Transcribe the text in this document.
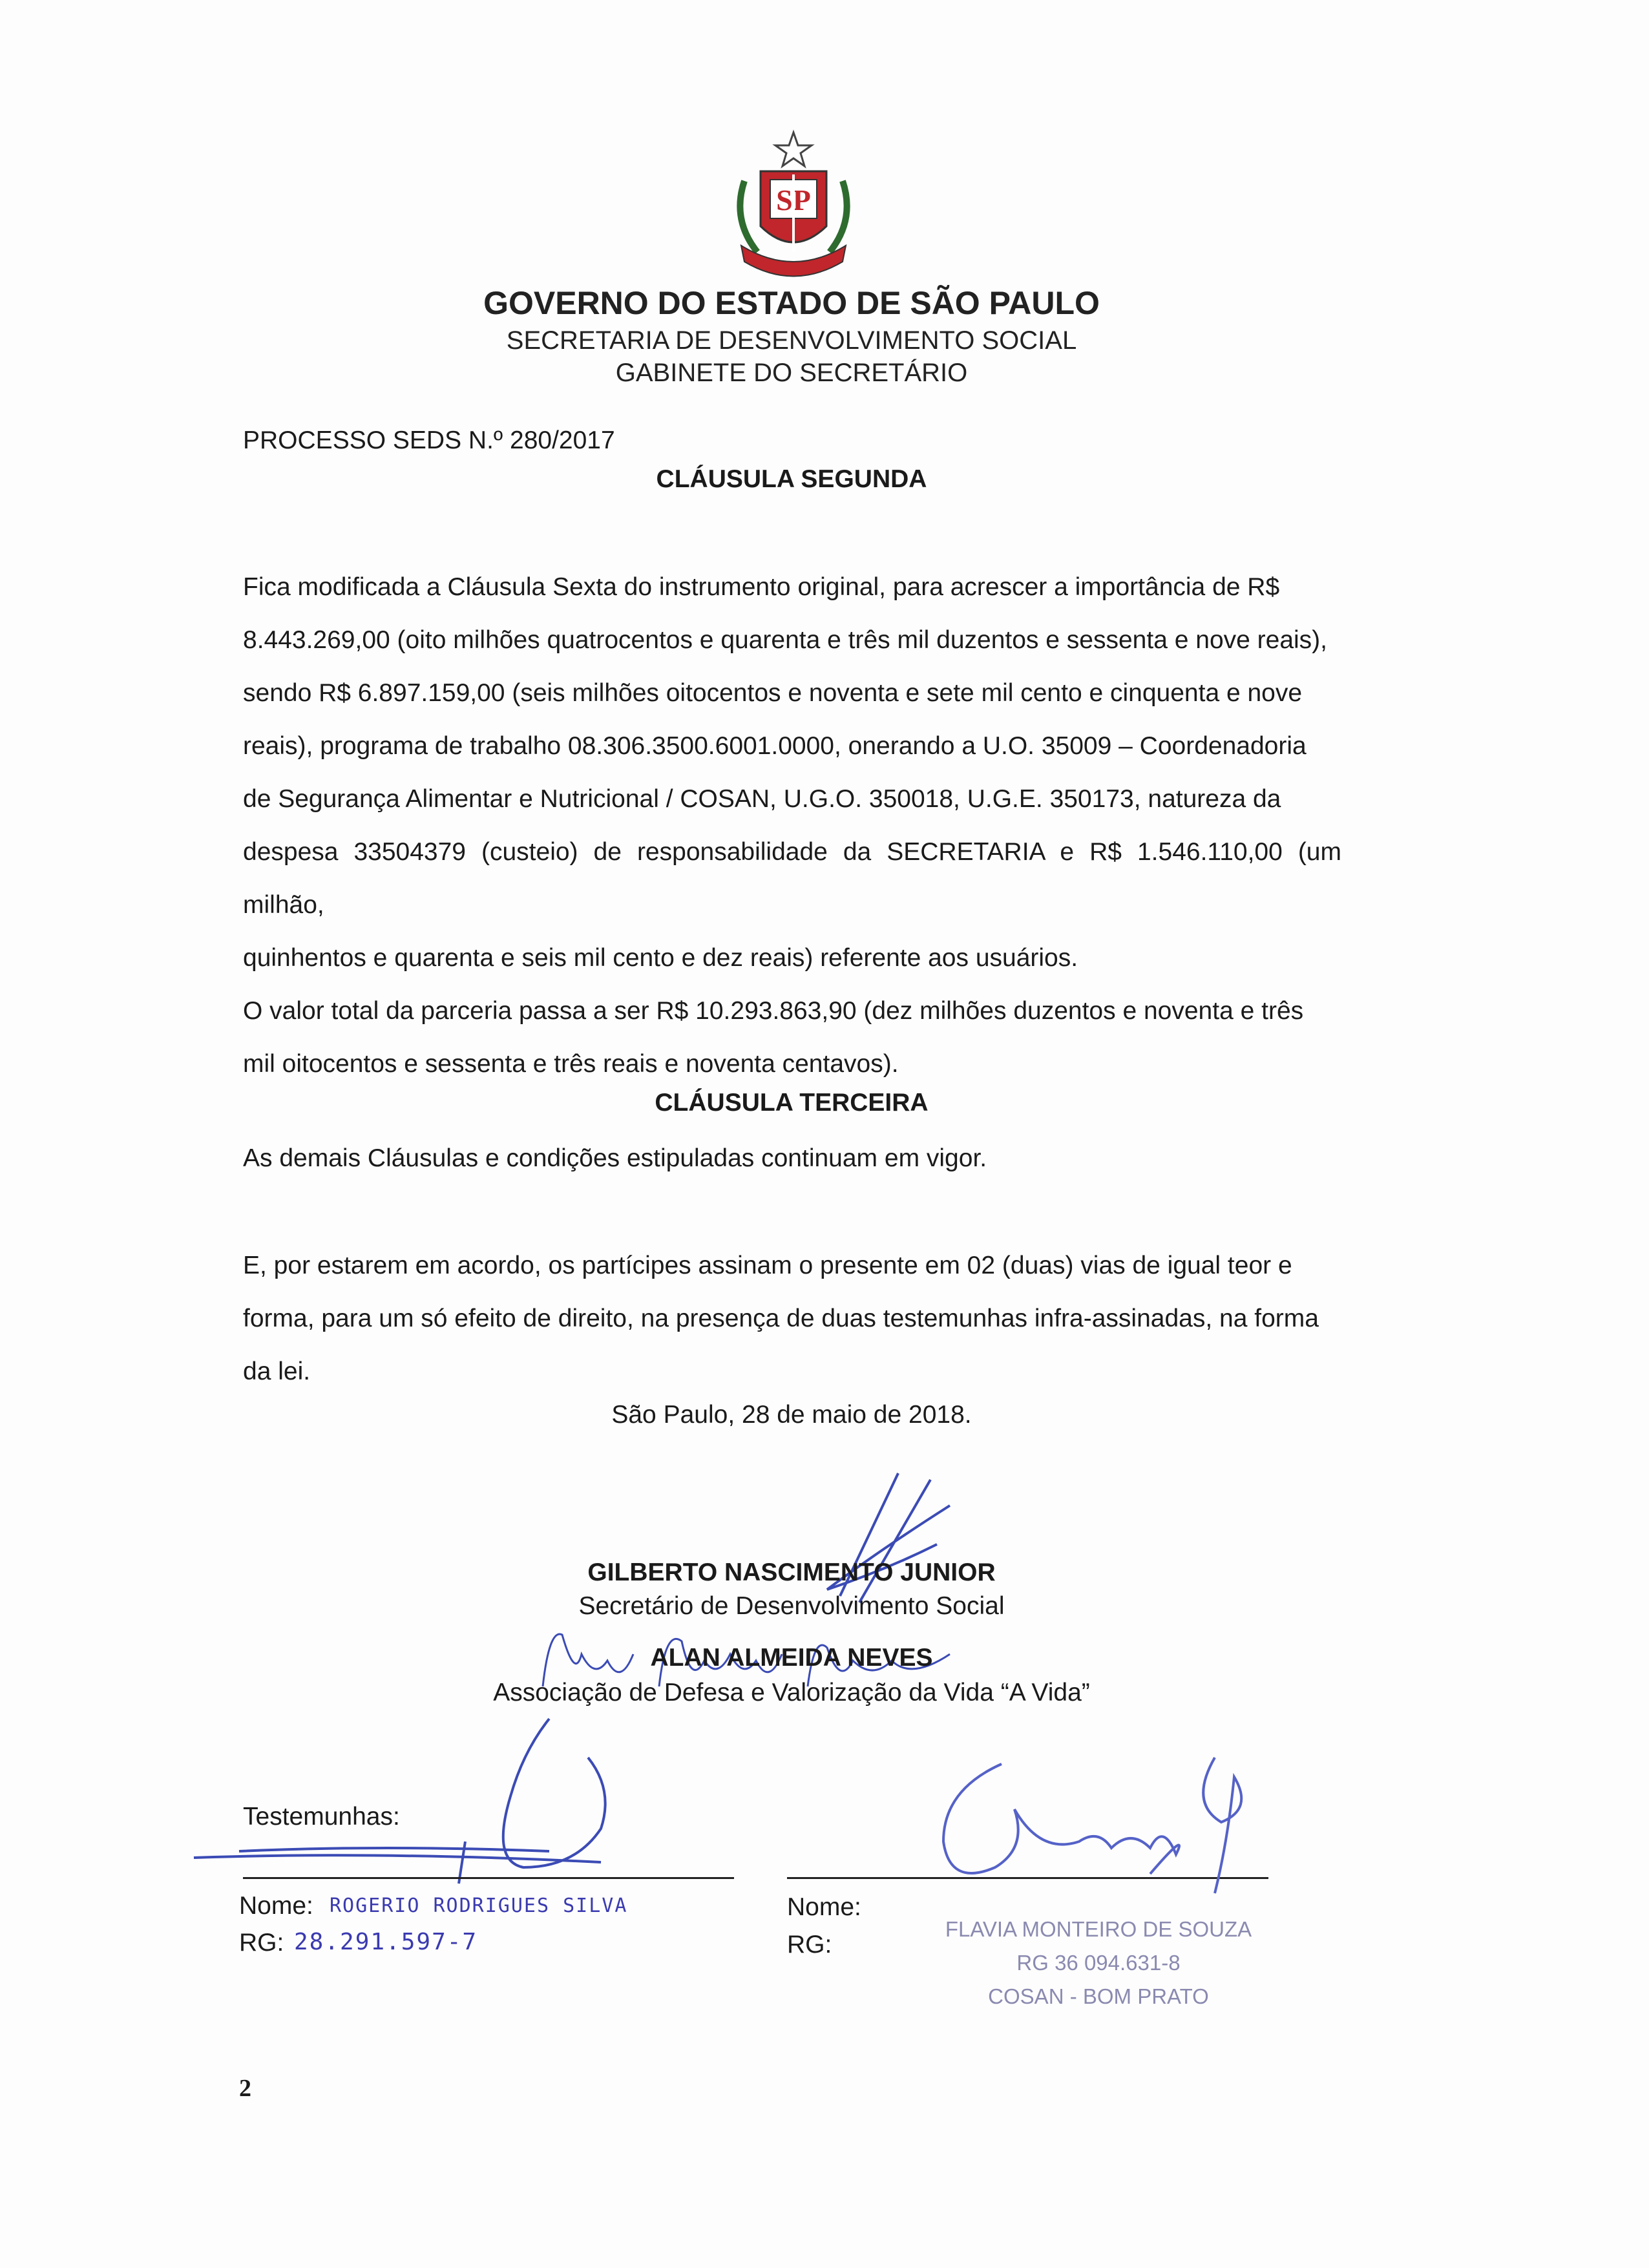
SP
GOVERNO DO ESTADO DE SÃO PAULO
SECRETARIA DE DESENVOLVIMENTO SOCIAL
GABINETE DO SECRETÁRIO
PROCESSO SEDS N.º 280/2017
CLÁUSULA SEGUNDA
Fica modificada a Cláusula Sexta do instrumento original, para acrescer a importância de R$
8.443.269,00 (oito milhões quatrocentos e quarenta e três mil duzentos e sessenta e nove reais),
sendo R$ 6.897.159,00 (seis milhões oitocentos e noventa e sete mil cento e cinquenta e nove
reais), programa de trabalho 08.306.3500.6001.0000, onerando a U.O. 35009 – Coordenadoria
de Segurança Alimentar e Nutricional / COSAN, U.G.O. 350018, U.G.E. 350173, natureza da
despesa 33504379 (custeio) de responsabilidade da SECRETARIA e R$ 1.546.110,00 (um milhão,
quinhentos e quarenta e seis mil cento e dez reais) referente aos usuários.
O valor total da parceria passa a ser R$ 10.293.863,90 (dez milhões duzentos e noventa e três
mil oitocentos e sessenta e três reais e noventa centavos).
CLÁUSULA TERCEIRA
As demais Cláusulas e condições estipuladas continuam em vigor.
E, por estarem em acordo, os partícipes assinam o presente em 02 (duas) vias de igual teor e
forma, para um só efeito de direito, na presença de duas testemunhas infra-assinadas, na forma
da lei.
São Paulo, 28 de maio de 2018.
GILBERTO NASCIMENTO JUNIOR
Secretário de Desenvolvimento Social
ALAN ALMEIDA NEVES
Associação de Defesa e Valorização da Vida “A Vida”
Testemunhas:
Nome: ROGERIO RODRIGUES SILVA
RG: 28.291.597-7
Nome:
RG:
FLAVIA MONTEIRO DE SOUZA
RG 36 094.631-8
COSAN - BOM PRATO
2
